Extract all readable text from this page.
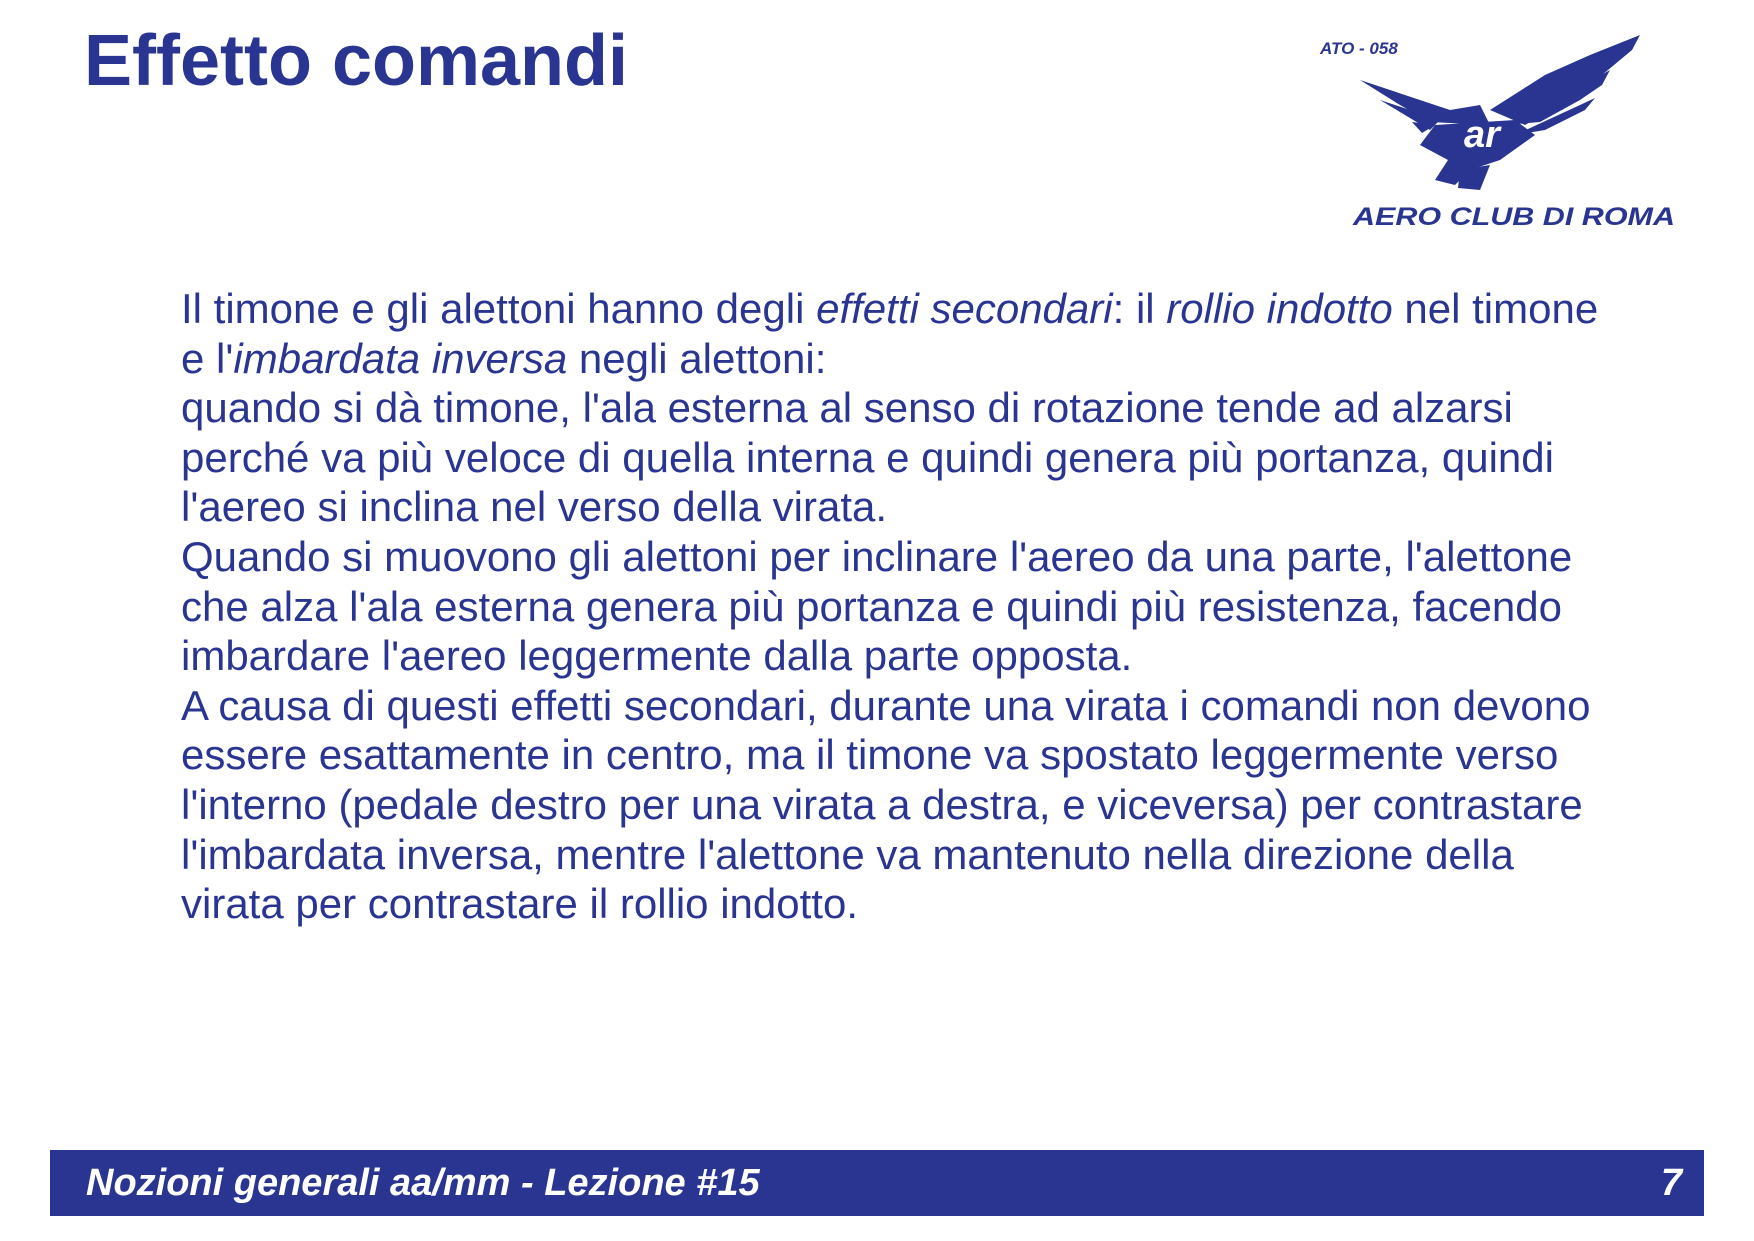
Effetto comandi
ar
ATO - 058
AERO CLUB DI ROMA

Il timone e gli alettoni hanno degli effetti secondari: il rollio indotto nel timone e l'imbardata inversa negli alettoni:

quando si dà timone, l'ala esterna al senso di rotazione tende ad alzarsi perché va più veloce di quella interna e quindi genera più portanza, quindi l'aereo si inclina nel verso della virata.

Quando si muovono gli alettoni per inclinare l'aereo da una parte, l'alettone che alza l'ala esterna genera più portanza e quindi più resistenza, facendo imbardare l'aereo leggermente dalla parte opposta.

A causa di questi effetti secondari, durante una virata i comandi non devono essere esattamente in centro, ma il timone va spostato leggermente verso l'interno (pedale destro per una virata a destra, e viceversa) per contrastare l'imbardata inversa, mentre l'alettone va mantenuto nella direzione della virata per contrastare il rollio indotto.

Nozioni generali aa/mm - Lezione #15	7
